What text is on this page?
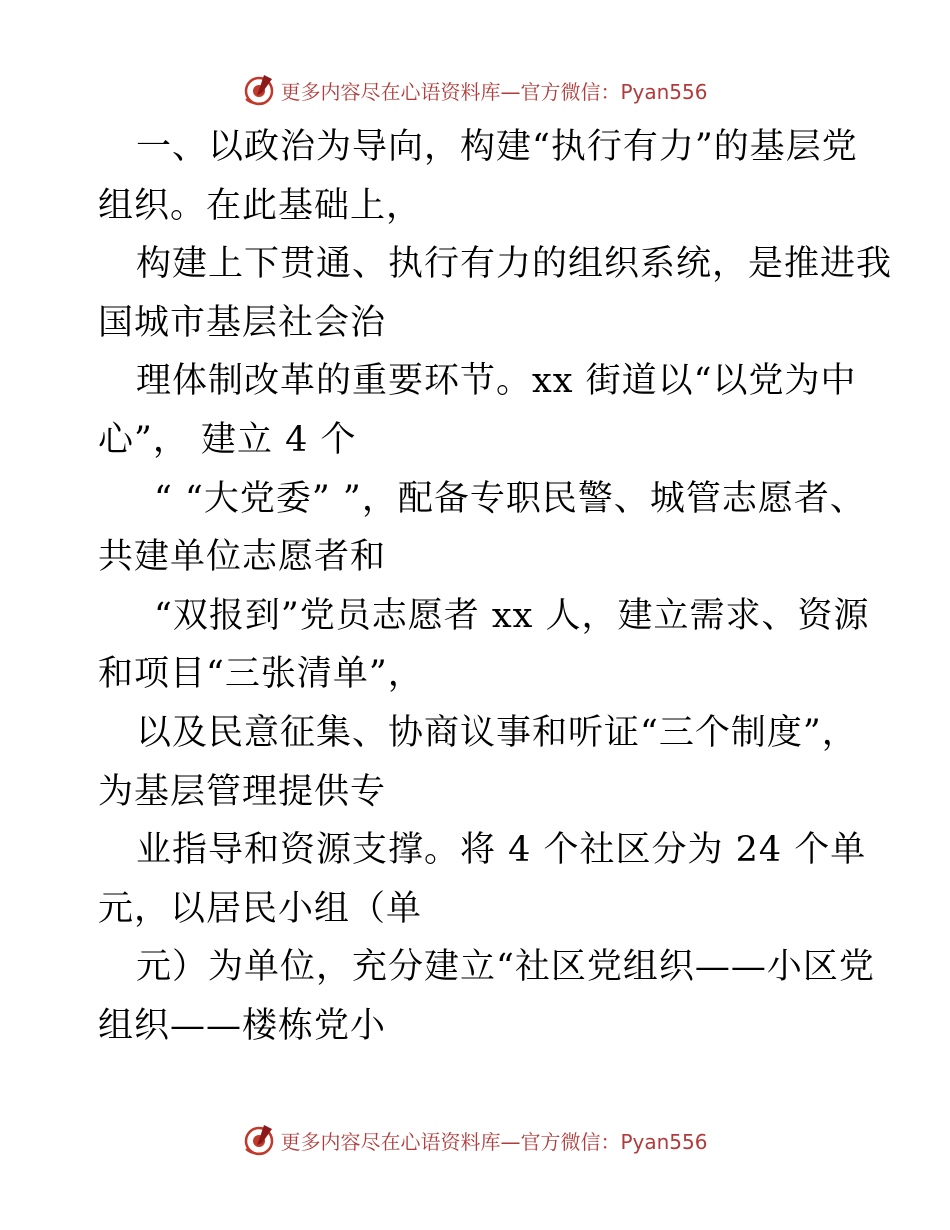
更多内容尽在心语资料库—官方微信：Pyan556
一、以政治为导向，构建“执行有力”的基层党
组织。在此基础上，
构建上下贯通、执行有力的组织系统，是推进我
国城市基层社会治
理体制改革的重要环节。xx 街道以“以党为中
心”， 建立 4 个
“ “大党委” ”，配备专职民警、城管志愿者、
共建单位志愿者和
“双报到”党员志愿者 xx 人，建立需求、资源
和项目“三张清单”，
以及民意征集、协商议事和听证“三个制度”，
为基层管理提供专
业指导和资源支撑。将 4 个社区分为 24 个单
元，以居民小组（单
元）为单位，充分建立“社区党组织——小区党
组织——楼栋党小
更多内容尽在心语资料库—官方微信：Pyan556
